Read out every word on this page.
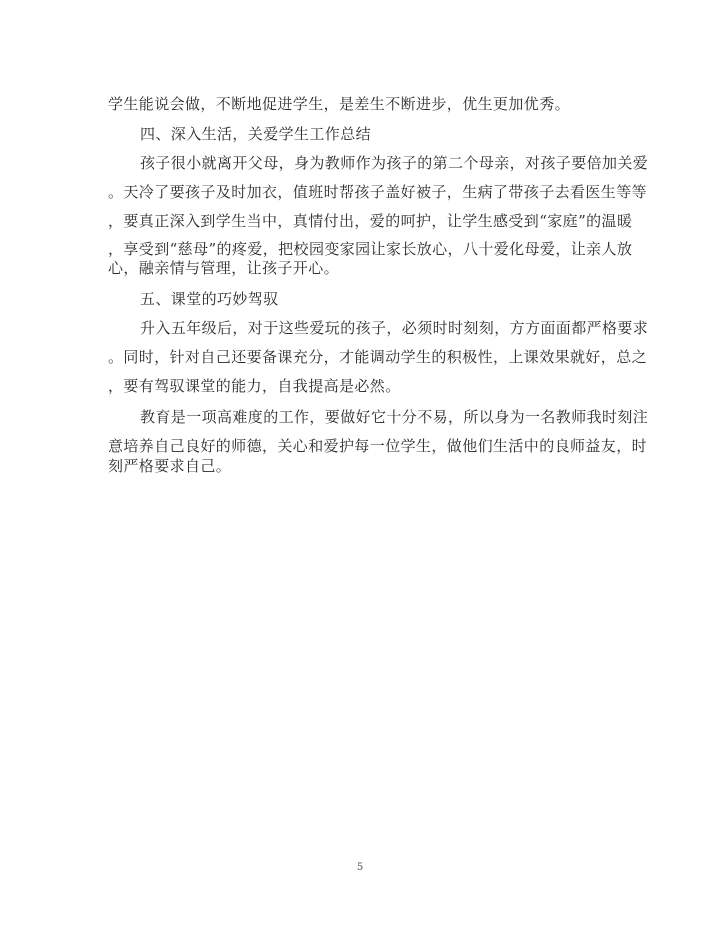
学生能说会做，不断地促进学生，是差生不断进步，优生更加优秀。
四、深入生活，关爱学生工作总结
孩子很小就离开父母，身为教师作为孩子的第二个母亲，对孩子要倍加关爱
。天冷了要孩子及时加衣，值班时帮孩子盖好被子，生病了带孩子去看医生等等
，要真正深入到学生当中，真情付出，爱的呵护，让学生感受到“家庭”的温暖
，享受到“慈母”的疼爱，把校园变家园让家长放心，八十爱化母爱，让亲人放
心，融亲情与管理，让孩子开心。
五、课堂的巧妙驾驭
升入五年级后，对于这些爱玩的孩子，必须时时刻刻，方方面面都严格要求
。同时，针对自己还要备课充分，才能调动学生的积极性，上课效果就好，总之
，要有驾驭课堂的能力，自我提高是必然。
教育是一项高难度的工作，要做好它十分不易，所以身为一名教师我时刻注
意培养自己良好的师德，关心和爱护每一位学生，做他们生活中的良师益友，时
刻严格要求自己。
5
